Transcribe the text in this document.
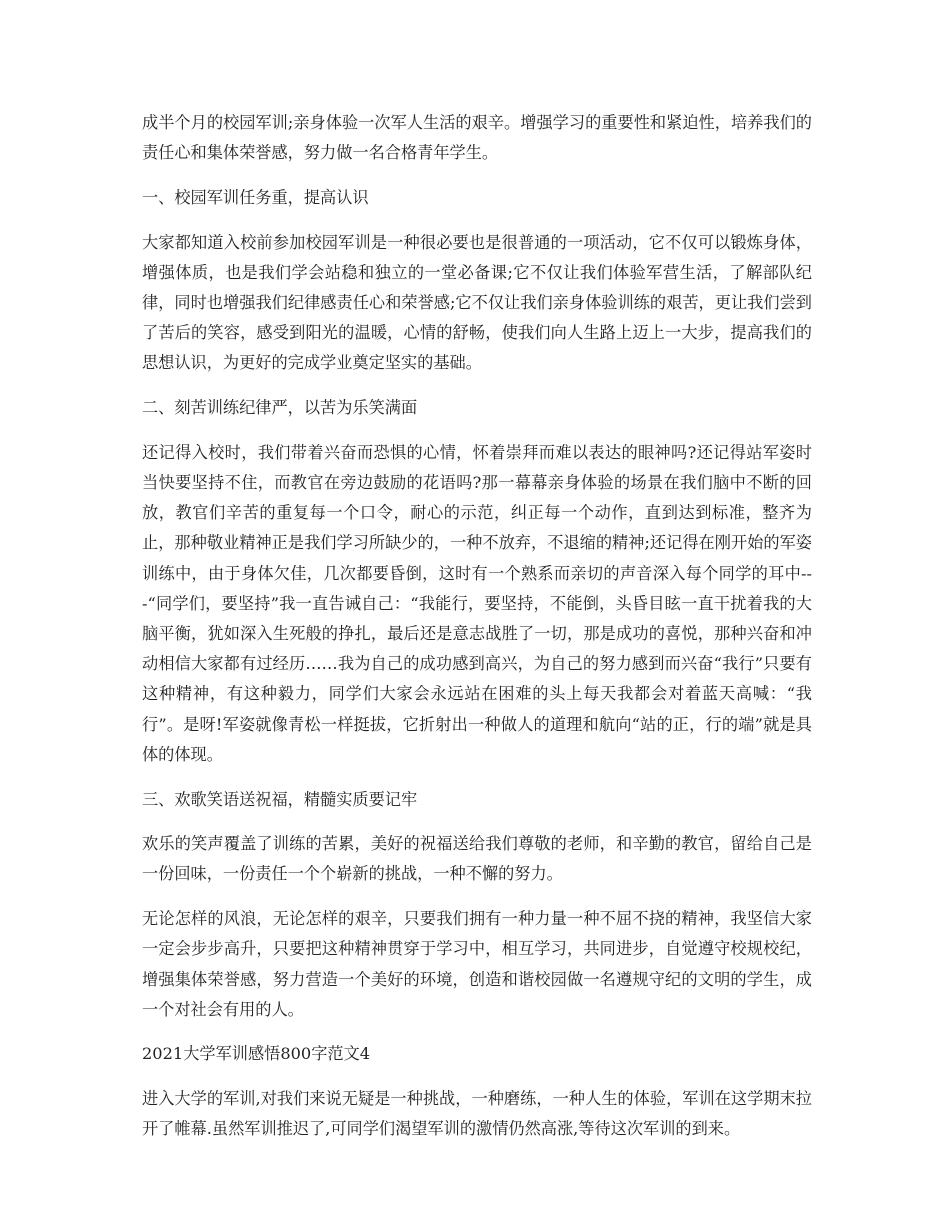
成半个月的校园军训;亲身体验一次军人生活的艰辛。增强学习的重要性和紧迫性，培养我们的责任心和集体荣誉感，努力做一名合格青年学生。

一、校园军训任务重，提高认识

大家都知道入校前参加校园军训是一种很必要也是很普通的一项活动，它不仅可以锻炼身体，增强体质，也是我们学会站稳和独立的一堂必备课;它不仅让我们体验军营生活，了解部队纪律，同时也增强我们纪律感责任心和荣誉感;它不仅让我们亲身体验训练的艰苦，更让我们尝到了苦后的笑容，感受到阳光的温暖，心情的舒畅，使我们向人生路上迈上一大步，提高我们的思想认识，为更好的完成学业奠定坚实的基础。

二、刻苦训练纪律严，以苦为乐笑满面

还记得入校时，我们带着兴奋而恐惧的心情，怀着崇拜而难以表达的眼神吗?还记得站军姿时当快要坚持不住，而教官在旁边鼓励的花语吗?那一幕幕亲身体验的场景在我们脑中不断的回放，教官们辛苦的重复每一个口令，耐心的示范，纠正每一个动作，直到达到标准，整齐为止，那种敬业精神正是我们学习所缺少的，一种不放弃，不退缩的精神;还记得在刚开始的军姿训练中，由于身体欠佳，几次都要昏倒，这时有一个熟系而亲切的声音深入每个同学的耳中---“同学们，要坚持”我一直告诫自己：“我能行，要坚持，不能倒，头昏目眩一直干扰着我的大脑平衡，犹如深入生死般的挣扎，最后还是意志战胜了一切，那是成功的喜悦，那种兴奋和冲动相信大家都有过经历……我为自己的成功感到高兴，为自己的努力感到而兴奋“我行”只要有这种精神，有这种毅力，同学们大家会永远站在困难的头上每天我都会对着蓝天高喊：“我行”。是呀!军姿就像青松一样挺拔，它折射出一种做人的道理和航向“站的正，行的端”就是具体的体现。

三、欢歌笑语送祝福，精髓实质要记牢

欢乐的笑声覆盖了训练的苦累，美好的祝福送给我们尊敬的老师，和辛勤的教官，留给自己是一份回味，一份责任一个个崭新的挑战，一种不懈的努力。

无论怎样的风浪，无论怎样的艰辛，只要我们拥有一种力量一种不屈不挠的精神，我坚信大家一定会步步高升，只要把这种精神贯穿于学习中，相互学习，共同进步，自觉遵守校规校纪，增强集体荣誉感，努力营造一个美好的环境，创造和谐校园做一名遵规守纪的文明的学生，成一个对社会有用的人。

2021大学军训感悟800字范文4

进入大学的军训,对我们来说无疑是一种挑战，一种磨练，一种人生的体验，军训在这学期末拉开了帷幕.虽然军训推迟了,可同学们渴望军训的激情仍然高涨,等待这次军训的到来。
